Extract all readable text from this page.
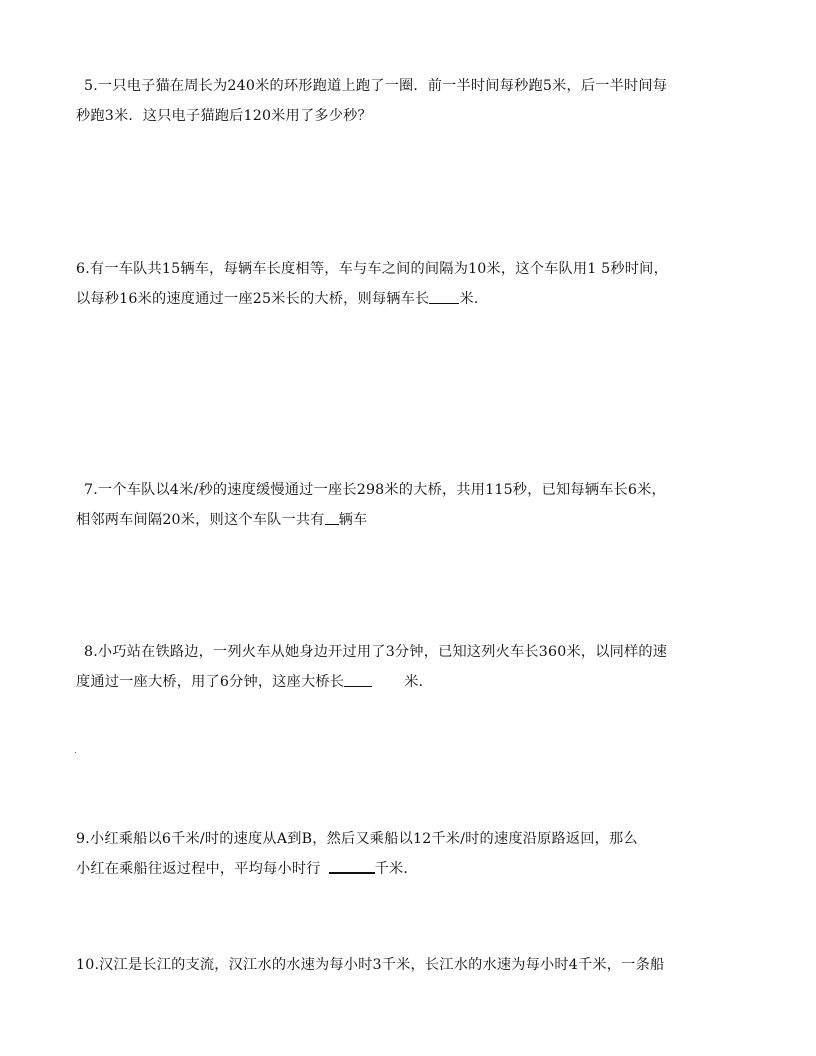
5.一只电子猫在周长为240米的环形跑道上跑了一圈．前一半时间每秒跑5米，后一半时间每
秒跑3米．这只电子猫跑后120米用了多少秒？
6.有一车队共15辆车，每辆车长度相等，车与车之间的间隔为10米，这个车队用1 5秒时间，
以每秒16米的速度通过一座25米长的大桥，则每辆车长 米．
7.一个车队以4米/秒的速度缓慢通过一座长298米的大桥，共用115秒，已知每辆车长6米，
相邻两车间隔20米，则这个车队一共有 辆车
8.小巧站在铁路边，一列火车从她身边开过用了3分钟，已知这列火车长360米，以同样的速
度通过一座大桥，用了6分钟，这座大桥长	米．
9.小红乘船以6千米/时的速度从A到B，然后又乘船以12千米/时的速度沿原路返回，那么
小红在乘船往返过程中，平均每小时行	千米．
10.汉江是长江的支流，汉江水的水速为每小时3千米，长江水的水速为每小时4千米，一条船
